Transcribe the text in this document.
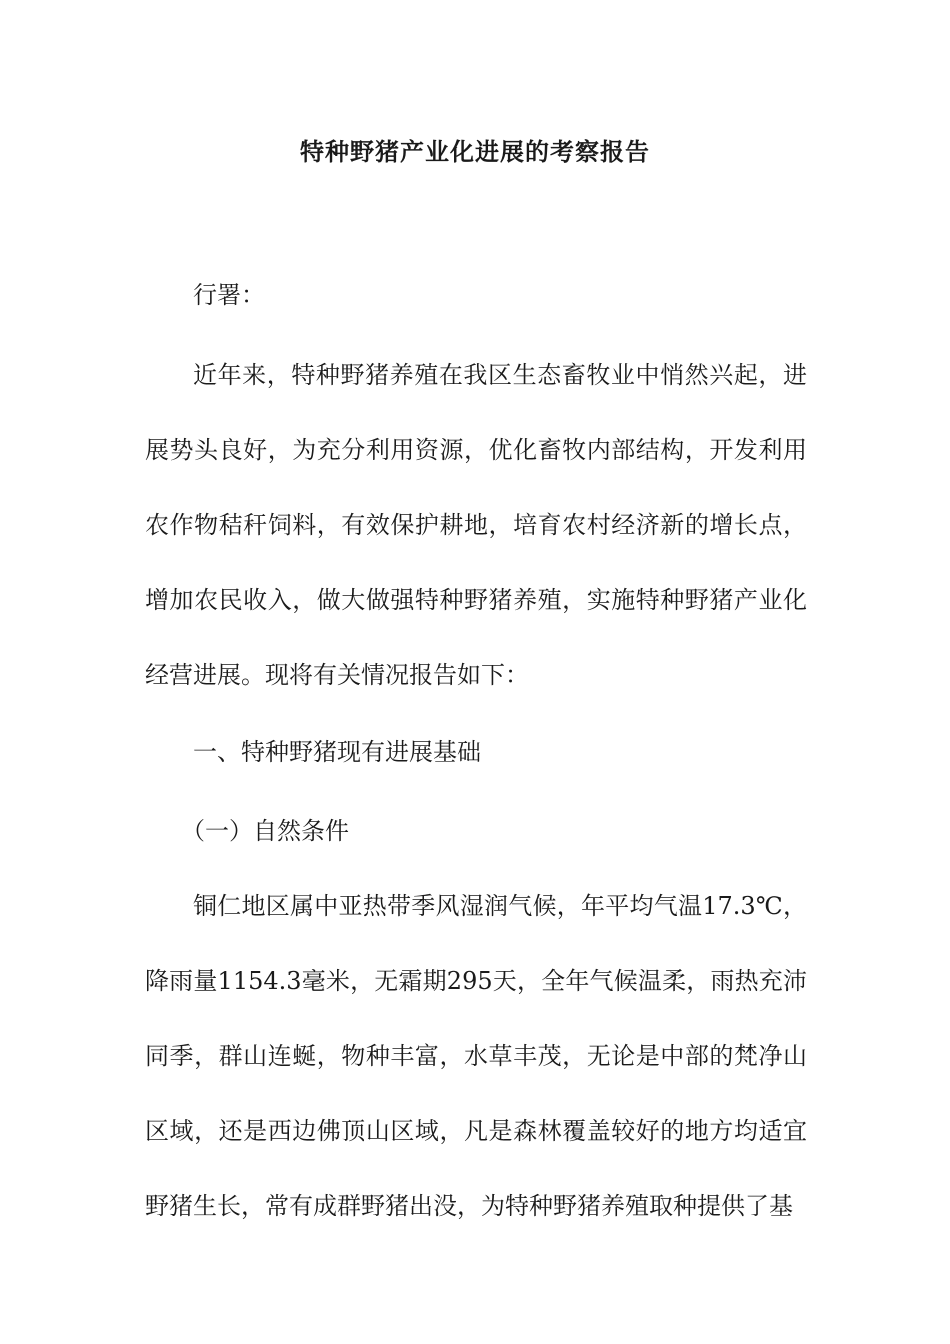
特种野猪产业化进展的考察报告

行署：

近年来，特种野猪养殖在我区生态畜牧业中悄然兴起，进展势头良好，为充分利用资源，优化畜牧内部结构，开发利用农作物秸秆饲料，有效保护耕地，培育农村经济新的增长点，增加农民收入，做大做强特种野猪养殖，实施特种野猪产业化经营进展。现将有关情况报告如下：

一、特种野猪现有进展基础

（一）自然条件

铜仁地区属中亚热带季风湿润气候，年平均气温17.3℃，降雨量1154.3毫米，无霜期295天，全年气候温柔，雨热充沛同季，群山连蜒，物种丰富，水草丰茂，无论是中部的梵净山区域，还是西边佛顶山区域，凡是森林覆盖较好的地方均适宜野猪生长，常有成群野猪出没，为特种野猪养殖取种提供了基
